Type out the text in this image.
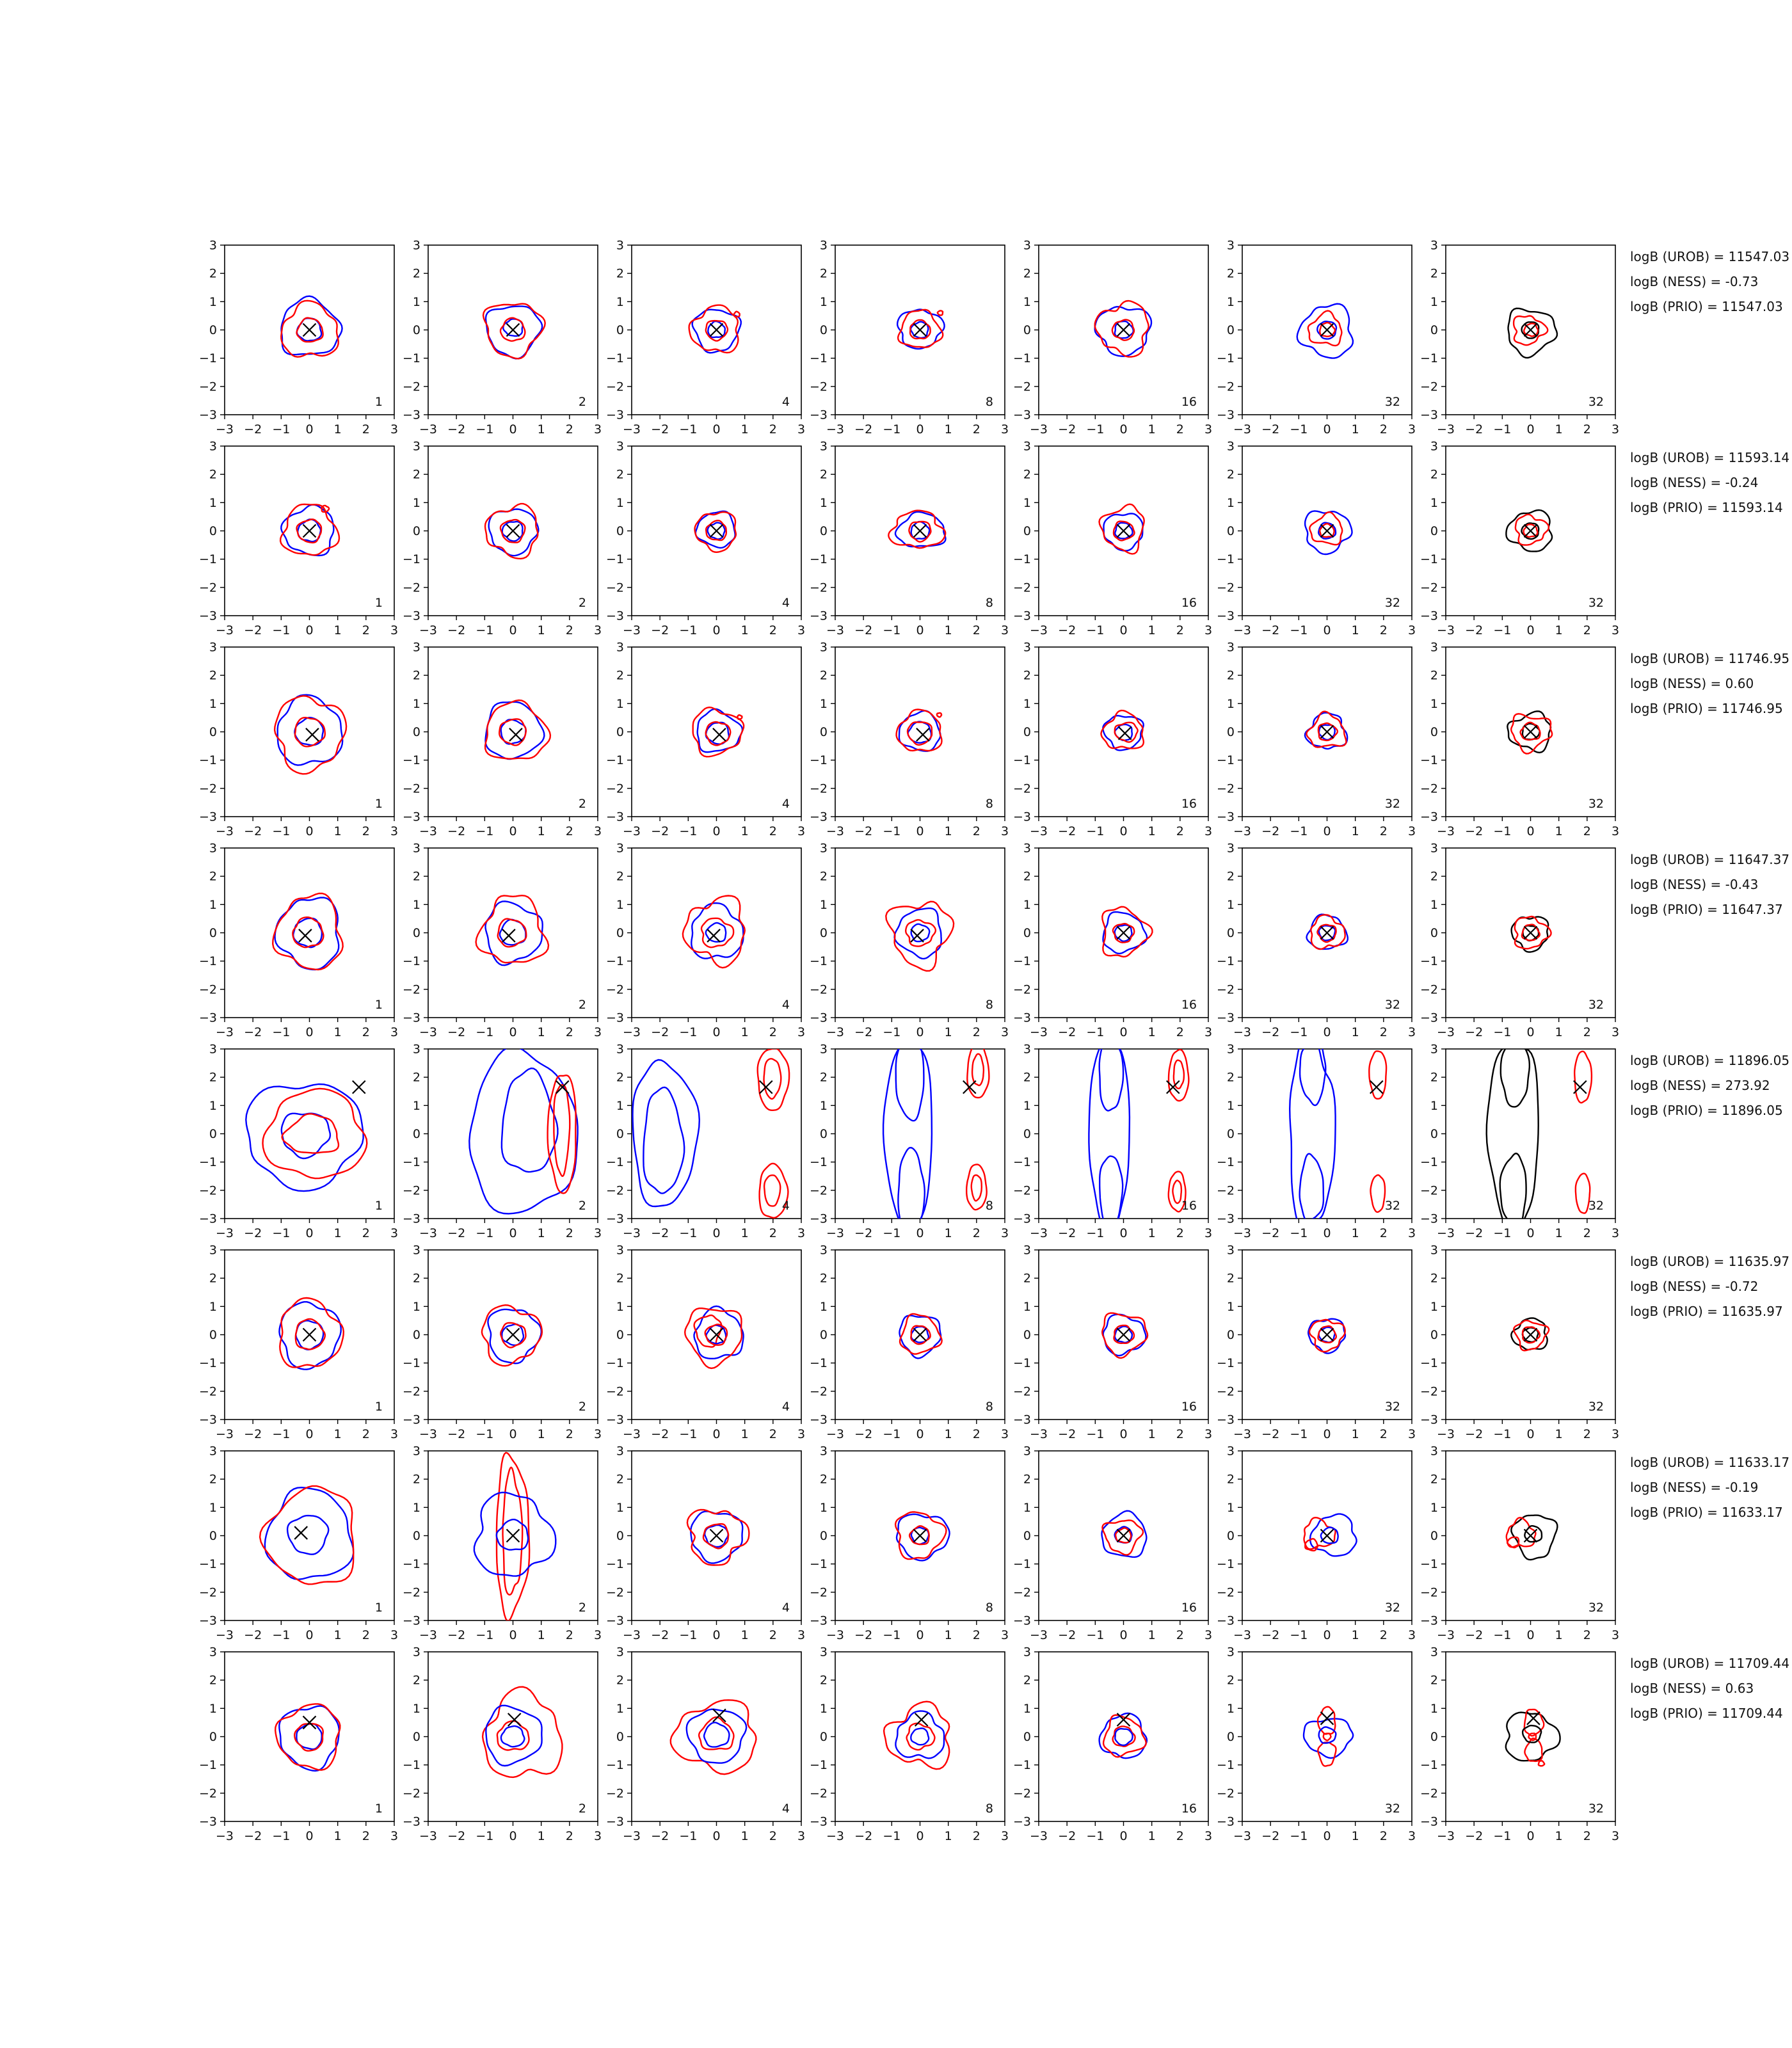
−3
−3
−2
−2
−1
−1
0
0
1
1
2
2
3
3
1
−3
−3
−2
−2
−1
−1
0
0
1
1
2
2
3
3
2
−3
−3
−2
−2
−1
−1
0
0
1
1
2
2
3
3
4
−3
−3
−2
−2
−1
−1
0
0
1
1
2
2
3
3
8
−3
−3
−2
−2
−1
−1
0
0
1
1
2
2
3
3
16
−3
−3
−2
−2
−1
−1
0
0
1
1
2
2
3
3
32
−3
−3
−2
−2
−1
−1
0
0
1
1
2
2
3
3
32
logB (UROB) = 11547.03
logB (NESS) = -0.73
logB (PRIO) = 11547.03
−3
−3
−2
−2
−1
−1
0
0
1
1
2
2
3
3
1
−3
−3
−2
−2
−1
−1
0
0
1
1
2
2
3
3
2
−3
−3
−2
−2
−1
−1
0
0
1
1
2
2
3
3
4
−3
−3
−2
−2
−1
−1
0
0
1
1
2
2
3
3
8
−3
−3
−2
−2
−1
−1
0
0
1
1
2
2
3
3
16
−3
−3
−2
−2
−1
−1
0
0
1
1
2
2
3
3
32
−3
−3
−2
−2
−1
−1
0
0
1
1
2
2
3
3
32
logB (UROB) = 11593.14
logB (NESS) = -0.24
logB (PRIO) = 11593.14
−3
−3
−2
−2
−1
−1
0
0
1
1
2
2
3
3
1
−3
−3
−2
−2
−1
−1
0
0
1
1
2
2
3
3
2
−3
−3
−2
−2
−1
−1
0
0
1
1
2
2
3
3
4
−3
−3
−2
−2
−1
−1
0
0
1
1
2
2
3
3
8
−3
−3
−2
−2
−1
−1
0
0
1
1
2
2
3
3
16
−3
−3
−2
−2
−1
−1
0
0
1
1
2
2
3
3
32
−3
−3
−2
−2
−1
−1
0
0
1
1
2
2
3
3
32
logB (UROB) = 11746.95
logB (NESS) = 0.60
logB (PRIO) = 11746.95
−3
−3
−2
−2
−1
−1
0
0
1
1
2
2
3
3
1
−3
−3
−2
−2
−1
−1
0
0
1
1
2
2
3
3
2
−3
−3
−2
−2
−1
−1
0
0
1
1
2
2
3
3
4
−3
−3
−2
−2
−1
−1
0
0
1
1
2
2
3
3
8
−3
−3
−2
−2
−1
−1
0
0
1
1
2
2
3
3
16
−3
−3
−2
−2
−1
−1
0
0
1
1
2
2
3
3
32
−3
−3
−2
−2
−1
−1
0
0
1
1
2
2
3
3
32
logB (UROB) = 11647.37
logB (NESS) = -0.43
logB (PRIO) = 11647.37
−3
−3
−2
−2
−1
−1
0
0
1
1
2
2
3
3
1
−3
−3
−2
−2
−1
−1
0
0
1
1
2
2
3
3
2
−3
−3
−2
−2
−1
−1
0
0
1
1
2
2
3
3
4
−3
−3
−2
−2
−1
−1
0
0
1
1
2
2
3
3
8
−3
−3
−2
−2
−1
−1
0
0
1
1
2
2
3
3
16
−3
−3
−2
−2
−1
−1
0
0
1
1
2
2
3
3
32
−3
−3
−2
−2
−1
−1
0
0
1
1
2
2
3
3
32
logB (UROB) = 11896.05
logB (NESS) = 273.92
logB (PRIO) = 11896.05
−3
−3
−2
−2
−1
−1
0
0
1
1
2
2
3
3
1
−3
−3
−2
−2
−1
−1
0
0
1
1
2
2
3
3
2
−3
−3
−2
−2
−1
−1
0
0
1
1
2
2
3
3
4
−3
−3
−2
−2
−1
−1
0
0
1
1
2
2
3
3
8
−3
−3
−2
−2
−1
−1
0
0
1
1
2
2
3
3
16
−3
−3
−2
−2
−1
−1
0
0
1
1
2
2
3
3
32
−3
−3
−2
−2
−1
−1
0
0
1
1
2
2
3
3
32
logB (UROB) = 11635.97
logB (NESS) = -0.72
logB (PRIO) = 11635.97
−3
−3
−2
−2
−1
−1
0
0
1
1
2
2
3
3
1
−3
−3
−2
−2
−1
−1
0
0
1
1
2
2
3
3
2
−3
−3
−2
−2
−1
−1
0
0
1
1
2
2
3
3
4
−3
−3
−2
−2
−1
−1
0
0
1
1
2
2
3
3
8
−3
−3
−2
−2
−1
−1
0
0
1
1
2
2
3
3
16
−3
−3
−2
−2
−1
−1
0
0
1
1
2
2
3
3
32
−3
−3
−2
−2
−1
−1
0
0
1
1
2
2
3
3
32
logB (UROB) = 11633.17
logB (NESS) = -0.19
logB (PRIO) = 11633.17
−3
−3
−2
−2
−1
−1
0
0
1
1
2
2
3
3
1
−3
−3
−2
−2
−1
−1
0
0
1
1
2
2
3
3
2
−3
−3
−2
−2
−1
−1
0
0
1
1
2
2
3
3
4
−3
−3
−2
−2
−1
−1
0
0
1
1
2
2
3
3
8
−3
−3
−2
−2
−1
−1
0
0
1
1
2
2
3
3
16
−3
−3
−2
−2
−1
−1
0
0
1
1
2
2
3
3
32
−3
−3
−2
−2
−1
−1
0
0
1
1
2
2
3
3
32
logB (UROB) = 11709.44
logB (NESS) = 0.63
logB (PRIO) = 11709.44
